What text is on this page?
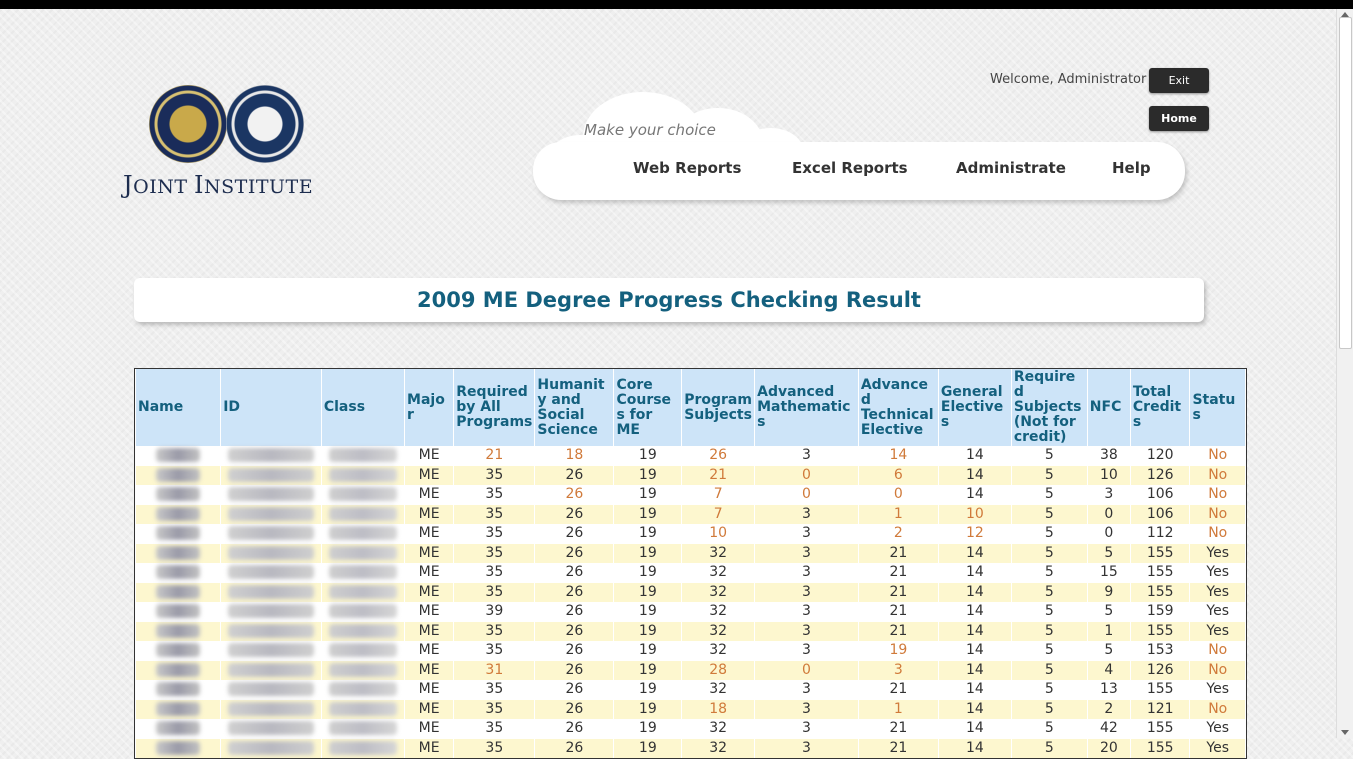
JOINT INSTITUTE
Welcome, Administrator	Exit
Home
Make your choice
Web Reports	Excel Reports	Administrate	Help
2009 ME Degree Progress Checking Result
Name	ID	Class	Major	Required by All Programs	Humanity and Social Science	Core Courses for ME	Program Subjects	Advanced Mathematics	Advanced Technical Elective	General Electives	Required Subjects (Not for credit)	NFC	Total Credits	Status
			ME	21	18	19	26	3	14	14	5	38	120	No
			ME	35	26	19	21	0	6	14	5	10	126	No
			ME	35	26	19	7	0	0	14	5	3	106	No
			ME	35	26	19	7	3	1	10	5	0	106	No
			ME	35	26	19	10	3	2	12	5	0	112	No
			ME	35	26	19	32	3	21	14	5	5	155	Yes
			ME	35	26	19	32	3	21	14	5	15	155	Yes
			ME	35	26	19	32	3	21	14	5	9	155	Yes
			ME	39	26	19	32	3	21	14	5	5	159	Yes
			ME	35	26	19	32	3	21	14	5	1	155	Yes
			ME	35	26	19	32	3	19	14	5	5	153	No
			ME	31	26	19	28	0	3	14	5	4	126	No
			ME	35	26	19	32	3	21	14	5	13	155	Yes
			ME	35	26	19	18	3	1	14	5	2	121	No
			ME	35	26	19	32	3	21	14	5	42	155	Yes
			ME	35	26	19	32	3	21	14	5	20	155	Yes
